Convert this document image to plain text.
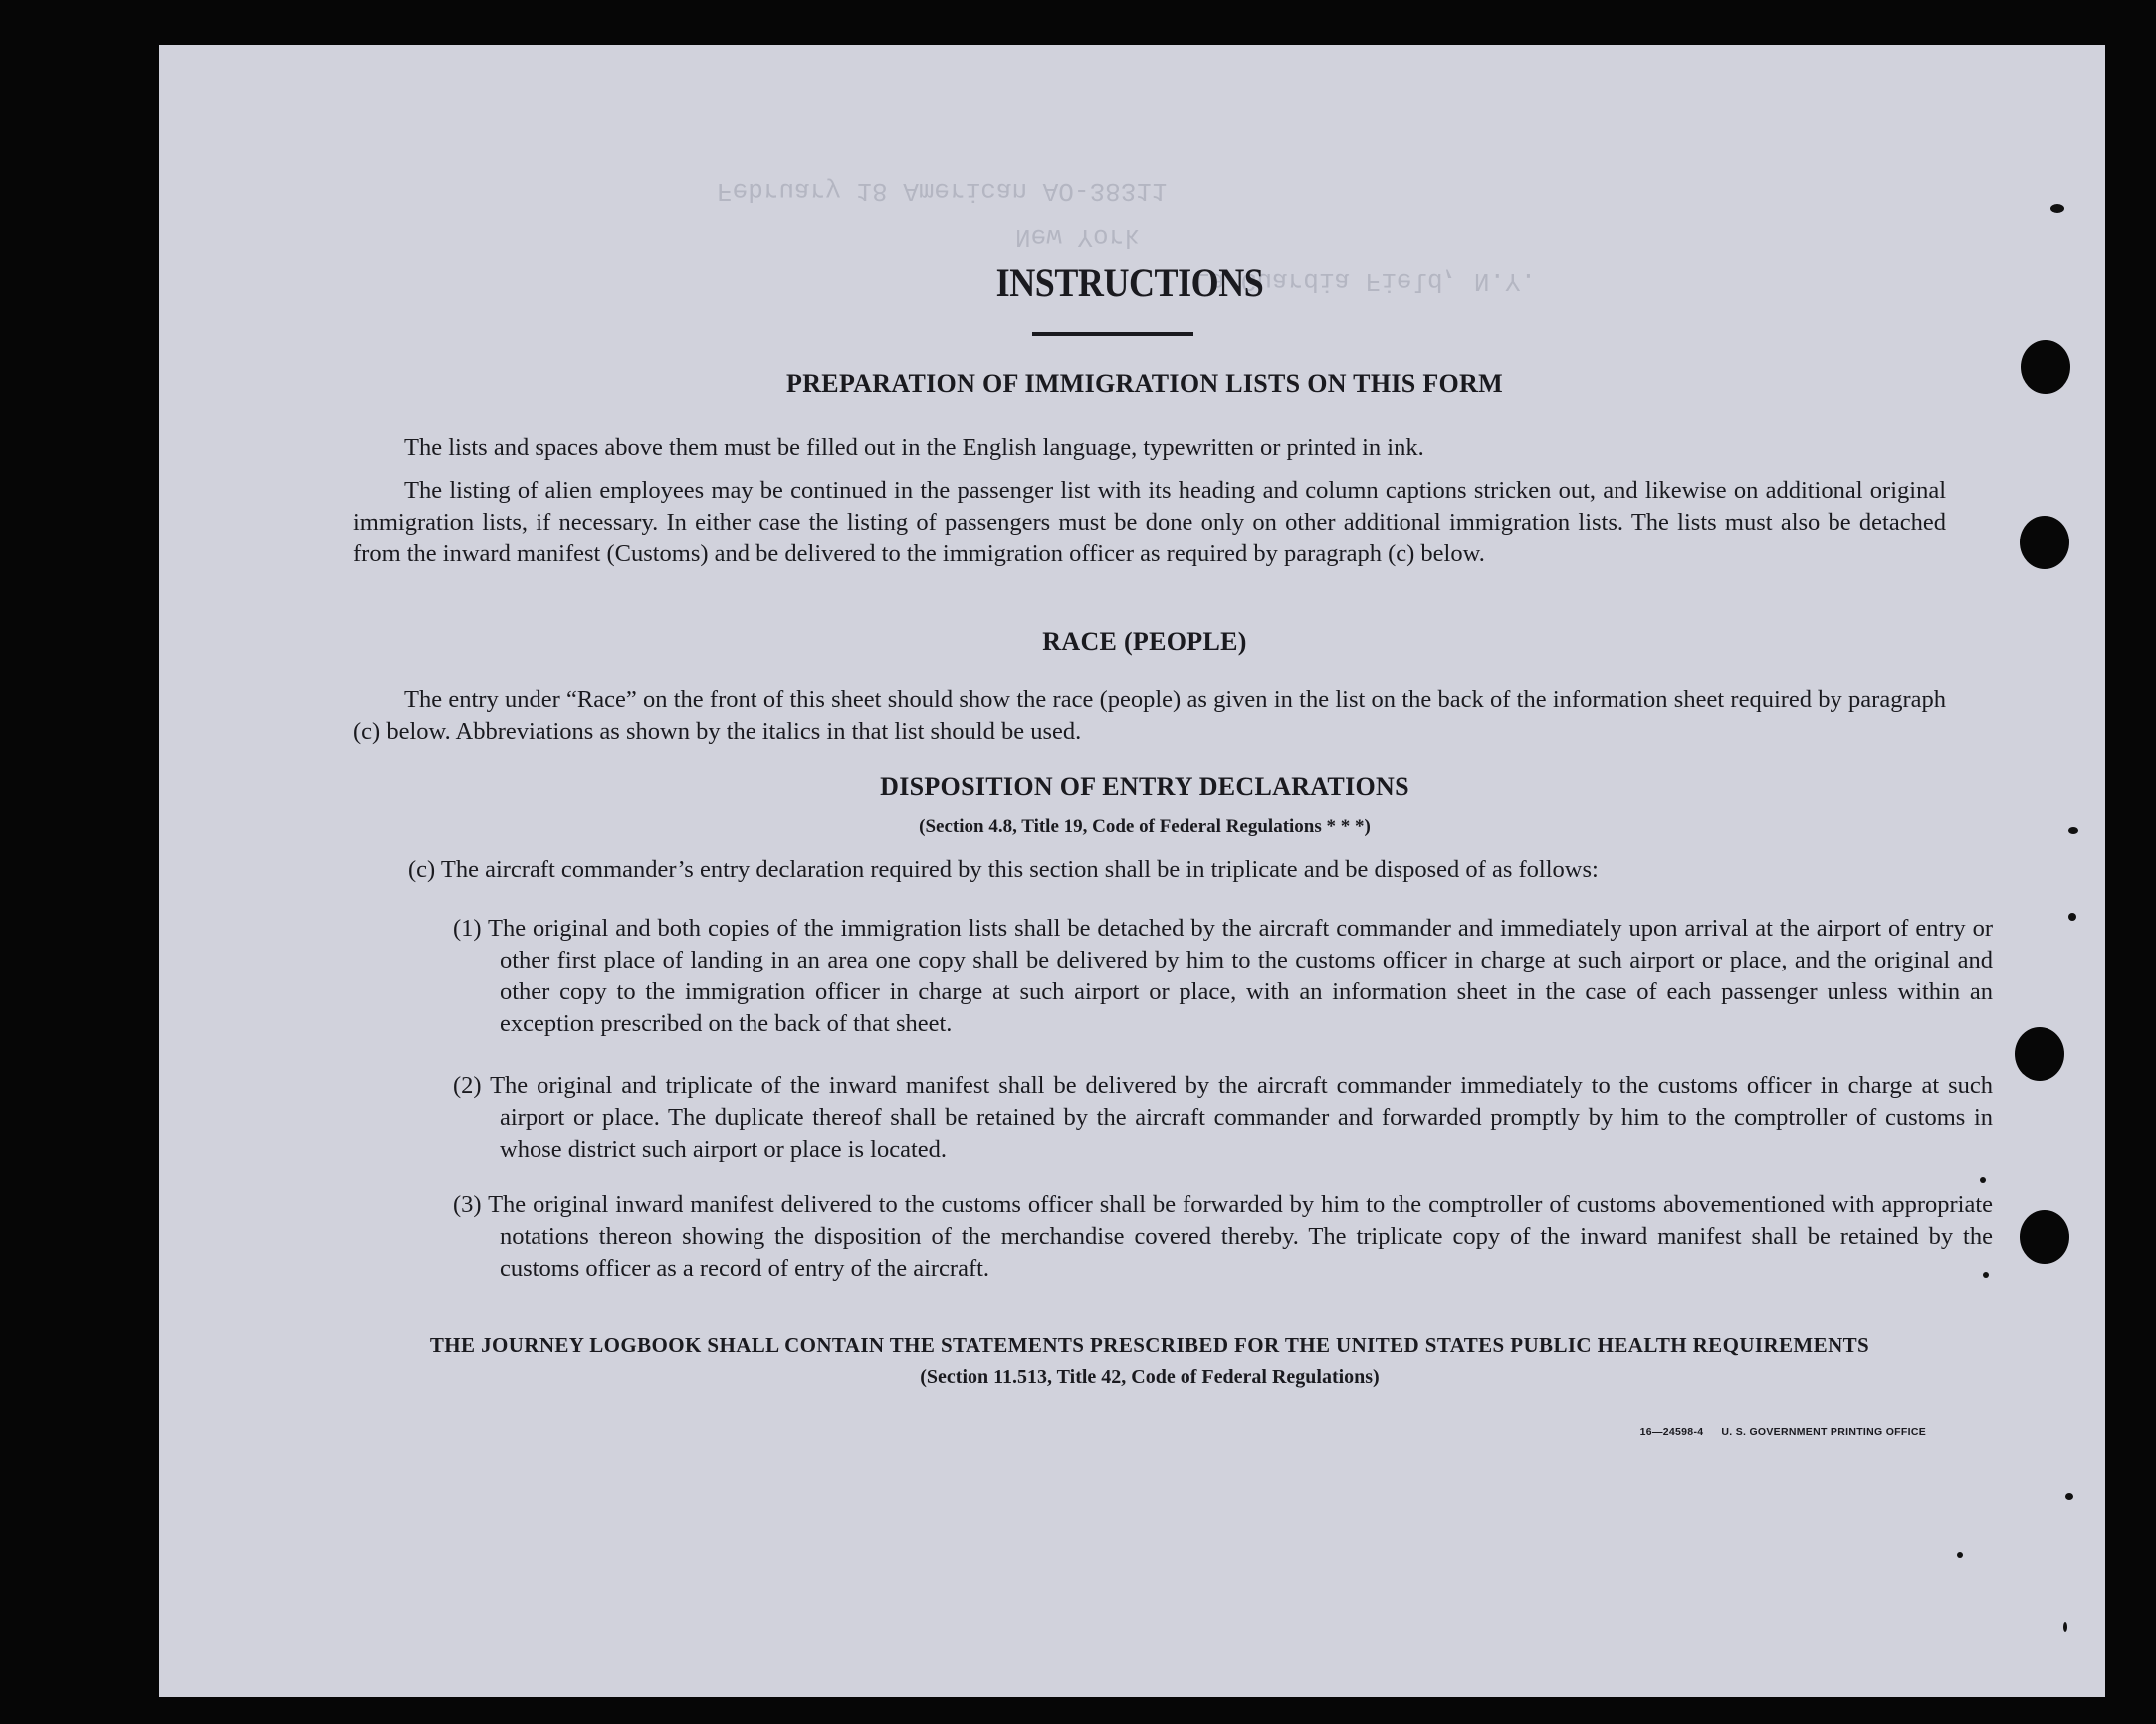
February 18 American AO-38311
New York
La Guardia Field, N.Y.
INSTRUCTIONS
PREPARATION OF IMMIGRATION LISTS ON THIS FORM
The lists and spaces above them must be filled out in the English language, typewritten or printed in ink.
The listing of alien employees may be continued in the passenger list with its heading and column captions stricken out, and likewise on additional original immigration lists, if necessary. In either case the listing of passengers must be done only on other additional immigration lists. The lists must also be detached from the inward manifest (Customs) and be delivered to the immigration officer as required by paragraph (c) below.
RACE (PEOPLE)
The entry under “Race” on the front of this sheet should show the race (people) as given in the list on the back of the information sheet required by paragraph (c) below. Abbreviations as shown by the italics in that list should be used.
DISPOSITION OF ENTRY DECLARATIONS
(Section 4.8, Title 19, Code of Federal Regulations * * *)
(c) The aircraft commander’s entry declaration required by this section shall be in triplicate and be disposed of as follows:
(1) The original and both copies of the immigration lists shall be detached by the aircraft commander and immediately upon arrival at the airport of entry or other first place of landing in an area one copy shall be delivered by him to the customs officer in charge at such airport or place, and the original and other copy to the immigration officer in charge at such airport or place, with an information sheet in the case of each passenger unless within an exception prescribed on the back of that sheet.
(2) The original and triplicate of the inward manifest shall be delivered by the aircraft commander immediately to the customs officer in charge at such airport or place. The duplicate thereof shall be retained by the aircraft commander and forwarded promptly by him to the comptroller of customs in whose district such airport or place is located.
(3) The original inward manifest delivered to the customs officer shall be forwarded by him to the comptroller of customs abovementioned with appropriate notations thereon showing the disposition of the merchandise covered thereby. The triplicate copy of the inward manifest shall be retained by the customs officer as a record of entry of the aircraft.
THE JOURNEY LOGBOOK SHALL CONTAIN THE STATEMENTS PRESCRIBED FOR THE UNITED STATES PUBLIC HEALTH REQUIREMENTS
(Section 11.513, Title 42, Code of Federal Regulations)
16—24598-4 U. S. GOVERNMENT PRINTING OFFICE
